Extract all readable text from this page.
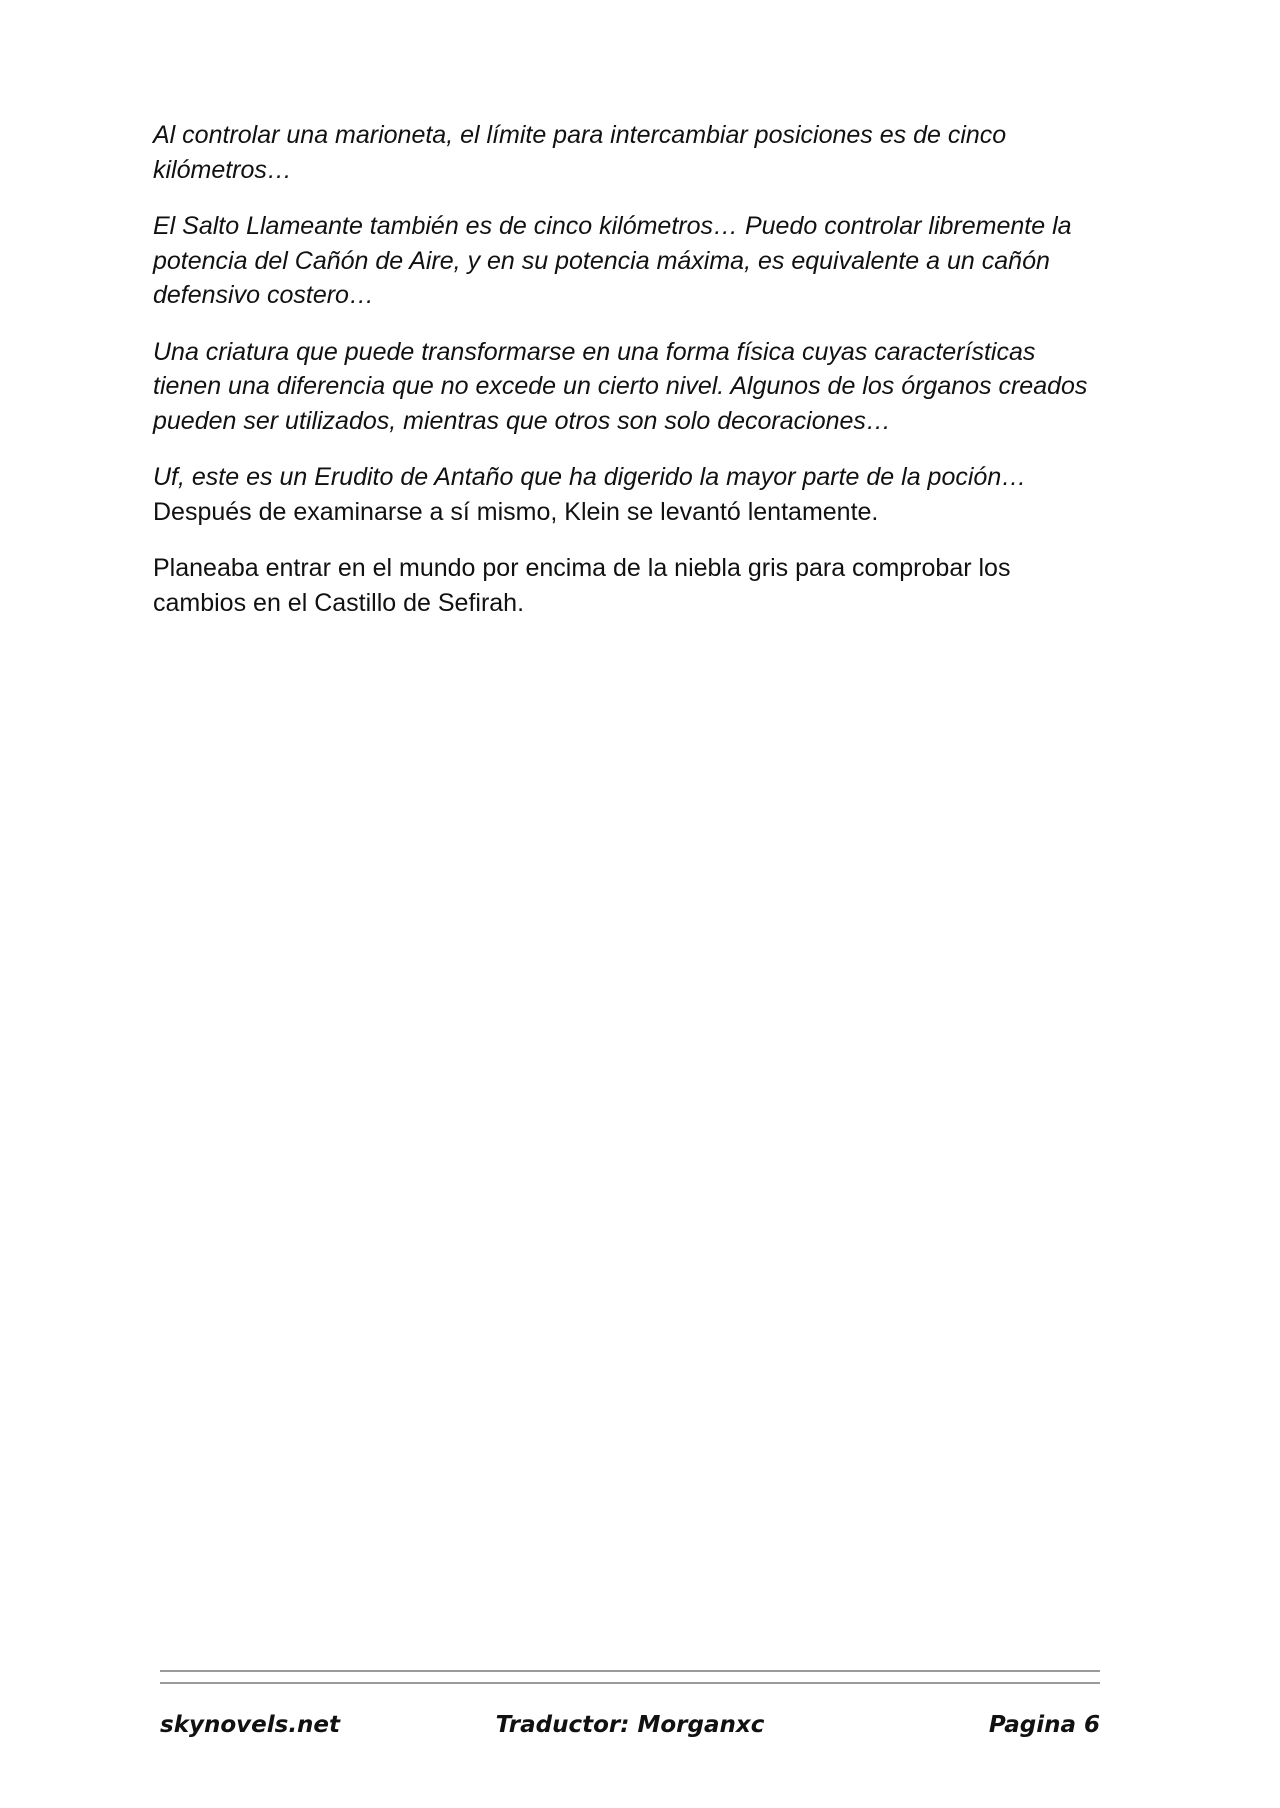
Al controlar una marioneta, el límite para intercambiar posiciones es de cinco kilómetros…

El Salto Llameante también es de cinco kilómetros… Puedo controlar libremente la potencia del Cañón de Aire, y en su potencia máxima, es equivalente a un cañón defensivo costero…

Una criatura que puede transformarse en una forma física cuyas características tienen una diferencia que no excede un cierto nivel. Algunos de los órganos creados pueden ser utilizados, mientras que otros son solo decoraciones…

Uf, este es un Erudito de Antaño que ha digerido la mayor parte de la poción…
Después de examinarse a sí mismo, Klein se levantó lentamente.

Planeaba entrar en el mundo por encima de la niebla gris para comprobar los cambios en el Castillo de Sefirah.

skynovels.net	Traductor: Morganxc	Pagina 6
